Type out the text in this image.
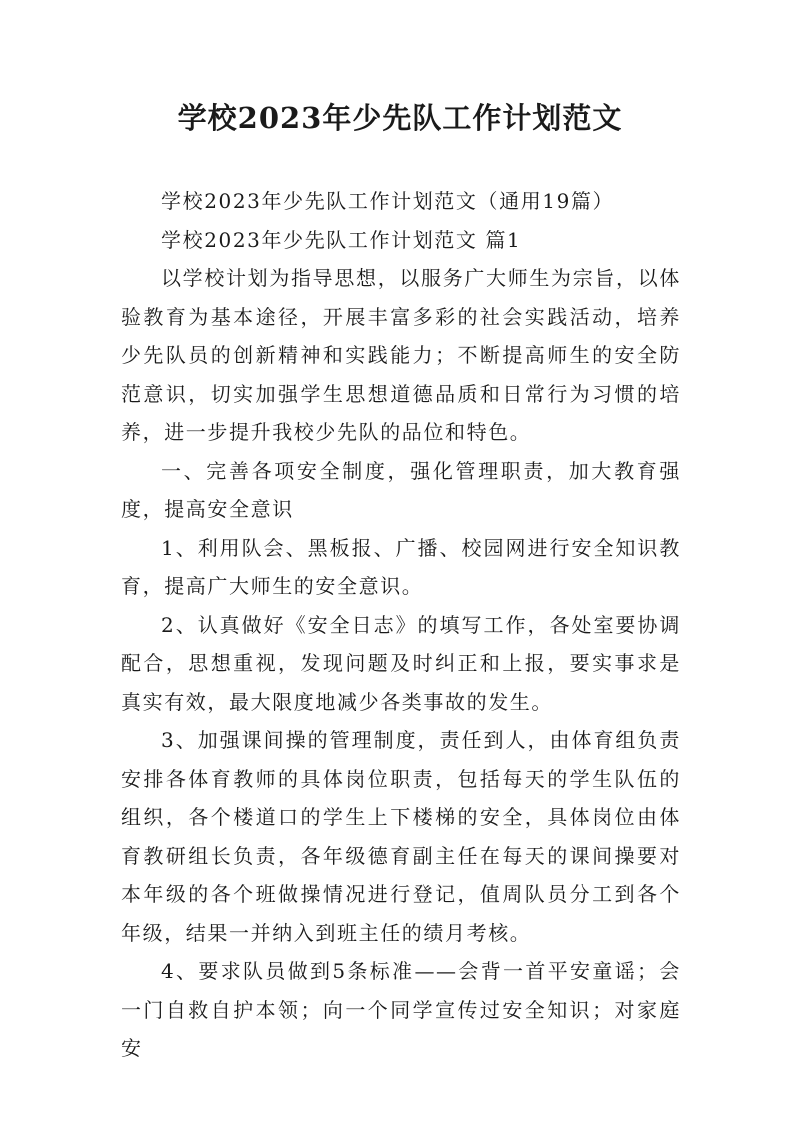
学校2023年少先队工作计划范文

学校2023年少先队工作计划范文（通用19篇）

学校2023年少先队工作计划范文 篇1

以学校计划为指导思想，以服务广大师生为宗旨，以体验教育为基本途径，开展丰富多彩的社会实践活动，培养少先队员的创新精神和实践能力；不断提高师生的安全防范意识，切实加强学生思想道德品质和日常行为习惯的培养，进一步提升我校少先队的品位和特色。

一、完善各项安全制度，强化管理职责，加大教育强度，提高安全意识

1、利用队会、黑板报、广播、校园网进行安全知识教育，提高广大师生的安全意识。

2、认真做好《安全日志》的填写工作，各处室要协调配合，思想重视，发现问题及时纠正和上报，要实事求是真实有效，最大限度地减少各类事故的发生。

3、加强课间操的管理制度，责任到人，由体育组负责安排各体育教师的具体岗位职责，包括每天的学生队伍的组织，各个楼道口的学生上下楼梯的安全，具体岗位由体育教研组长负责，各年级德育副主任在每天的课间操要对本年级的各个班做操情况进行登记，值周队员分工到各个年级，结果一并纳入到班主任的绩月考核。

4、要求队员做到5条标准——会背一首平安童谣；会一门自救自护本领；向一个同学宣传过安全知识；对家庭安
